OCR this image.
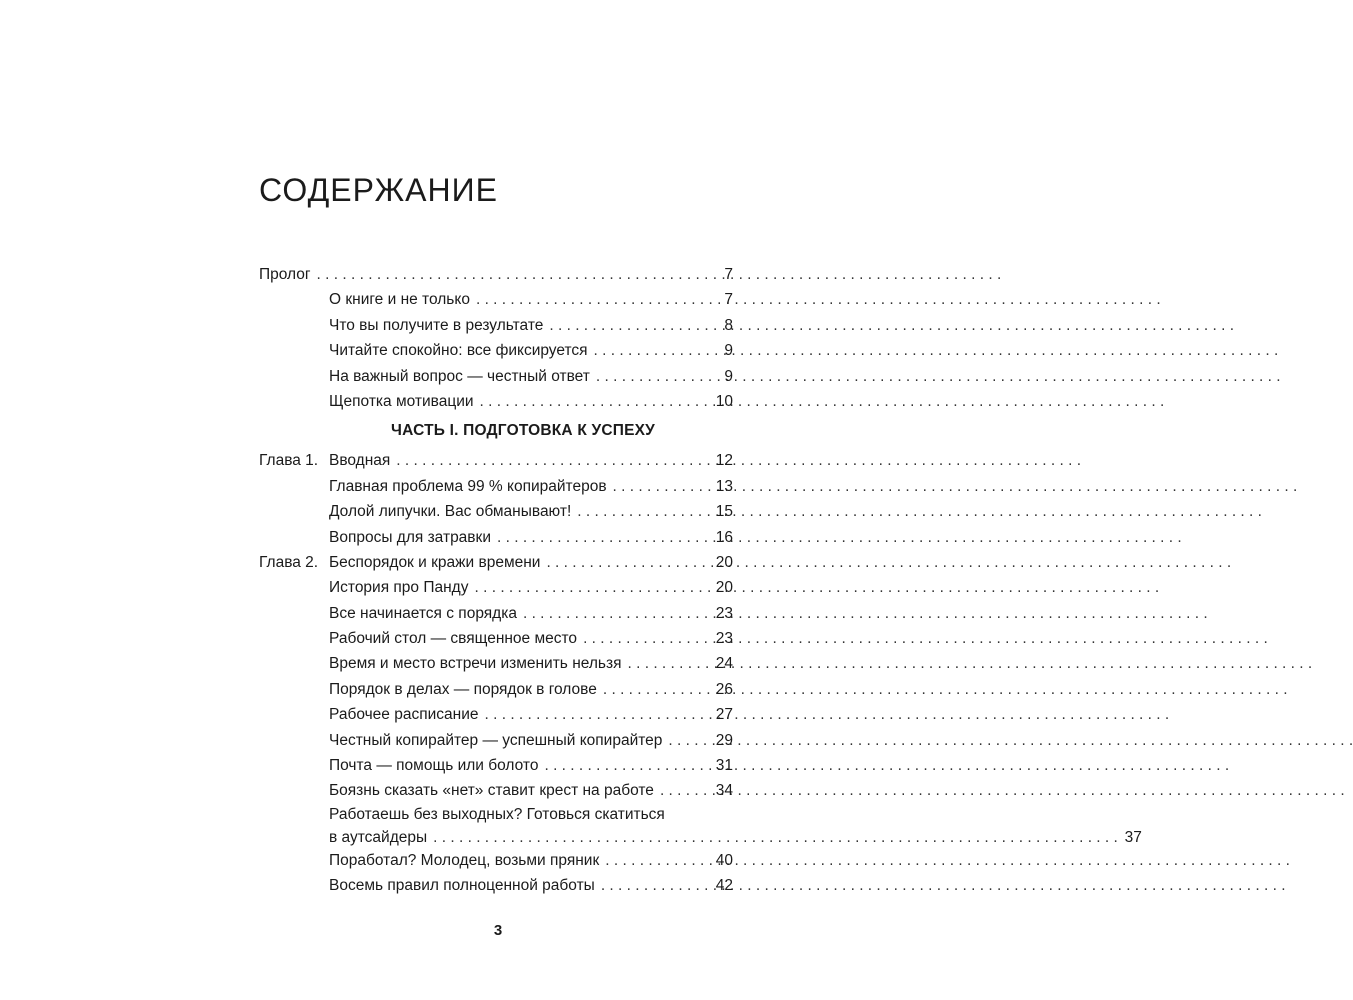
СОДЕРЖАНИЕ
Пролог . . .	7
О книге и не только . . .	7
Что вы получите в результате . . .	8
Читайте спокойно: все фиксируется . . .	9
На важный вопрос — честный ответ . . .	9
Щепотка мотивации . . .	10
ЧАСТЬ I. ПОДГОТОВКА К УСПЕХУ
Глава 1. Вводная . . .	12
Главная проблема 99 % копирайтеров . . .	13
Долой липучки. Вас обманывают! . . .	15
Вопросы для затравки . . .	16
Глава 2. Беспорядок и кражи времени . . .	20
История про Панду . . .	20
Все начинается с порядка . . .	23
Рабочий стол — священное место . . .	23
Время и место встречи изменить нельзя . . .	24
Порядок в делах — порядок в голове . . .	26
Рабочее расписание . . .	27
Честный копирайтер — успешный копирайтер . . .	29
Почта — помощь или болото . . .	31
Боязнь сказать «нет» ставит крест на работе . . .	34
Работаешь без выходных? Готовься скатиться
в аутсайдеры . . .	37
Поработал? Молодец, возьми пряник . . .	40
Восемь правил полноценной работы . . .	42
3
